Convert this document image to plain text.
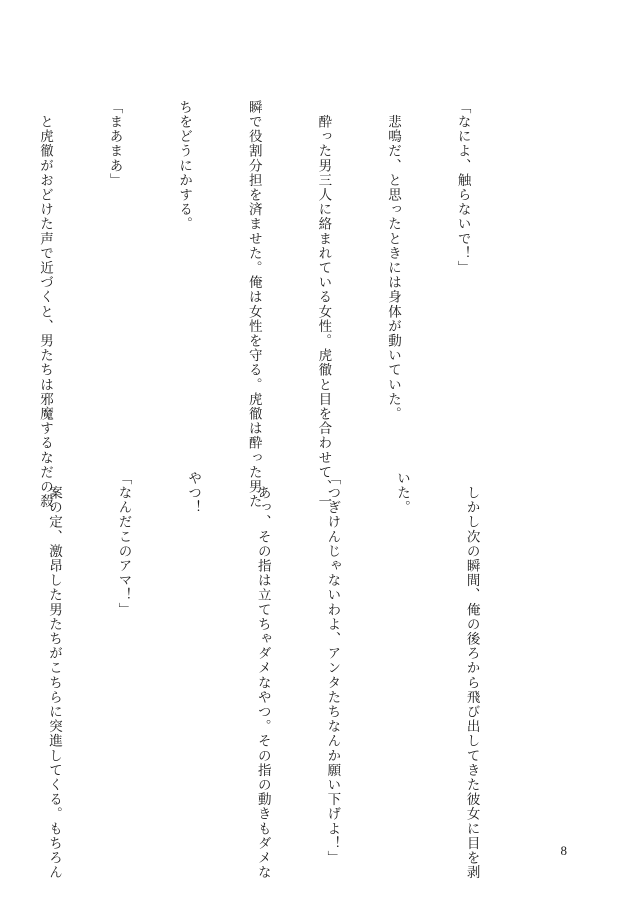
「なによ、触らないで！」

　悲鳴だ、と思ったときには身体が動いていた。

　酔った男三人に絡まれている女性。虎徹と目を合わせて、一

瞬で役割分担を済ませた。俺は女性を守る。虎徹は酔った男た

ちをどうにかする。

「まあまあ」

　と虎徹がおどけた声で近づくと、男たちは邪魔するなだの殺

　しかし次の瞬間、俺の後ろから飛び出してきた彼女に目を剥

いた。

「つぎけんじゃないわよ、アンタたちなんか願い下げよ！」

　あっ、その指は立てちゃダメなやつ。その指の動きもダメな

やつ！

「なんだこのアマ！」

　案の定、激昂した男たちがこちらに突進してくる。もちろん

	8
